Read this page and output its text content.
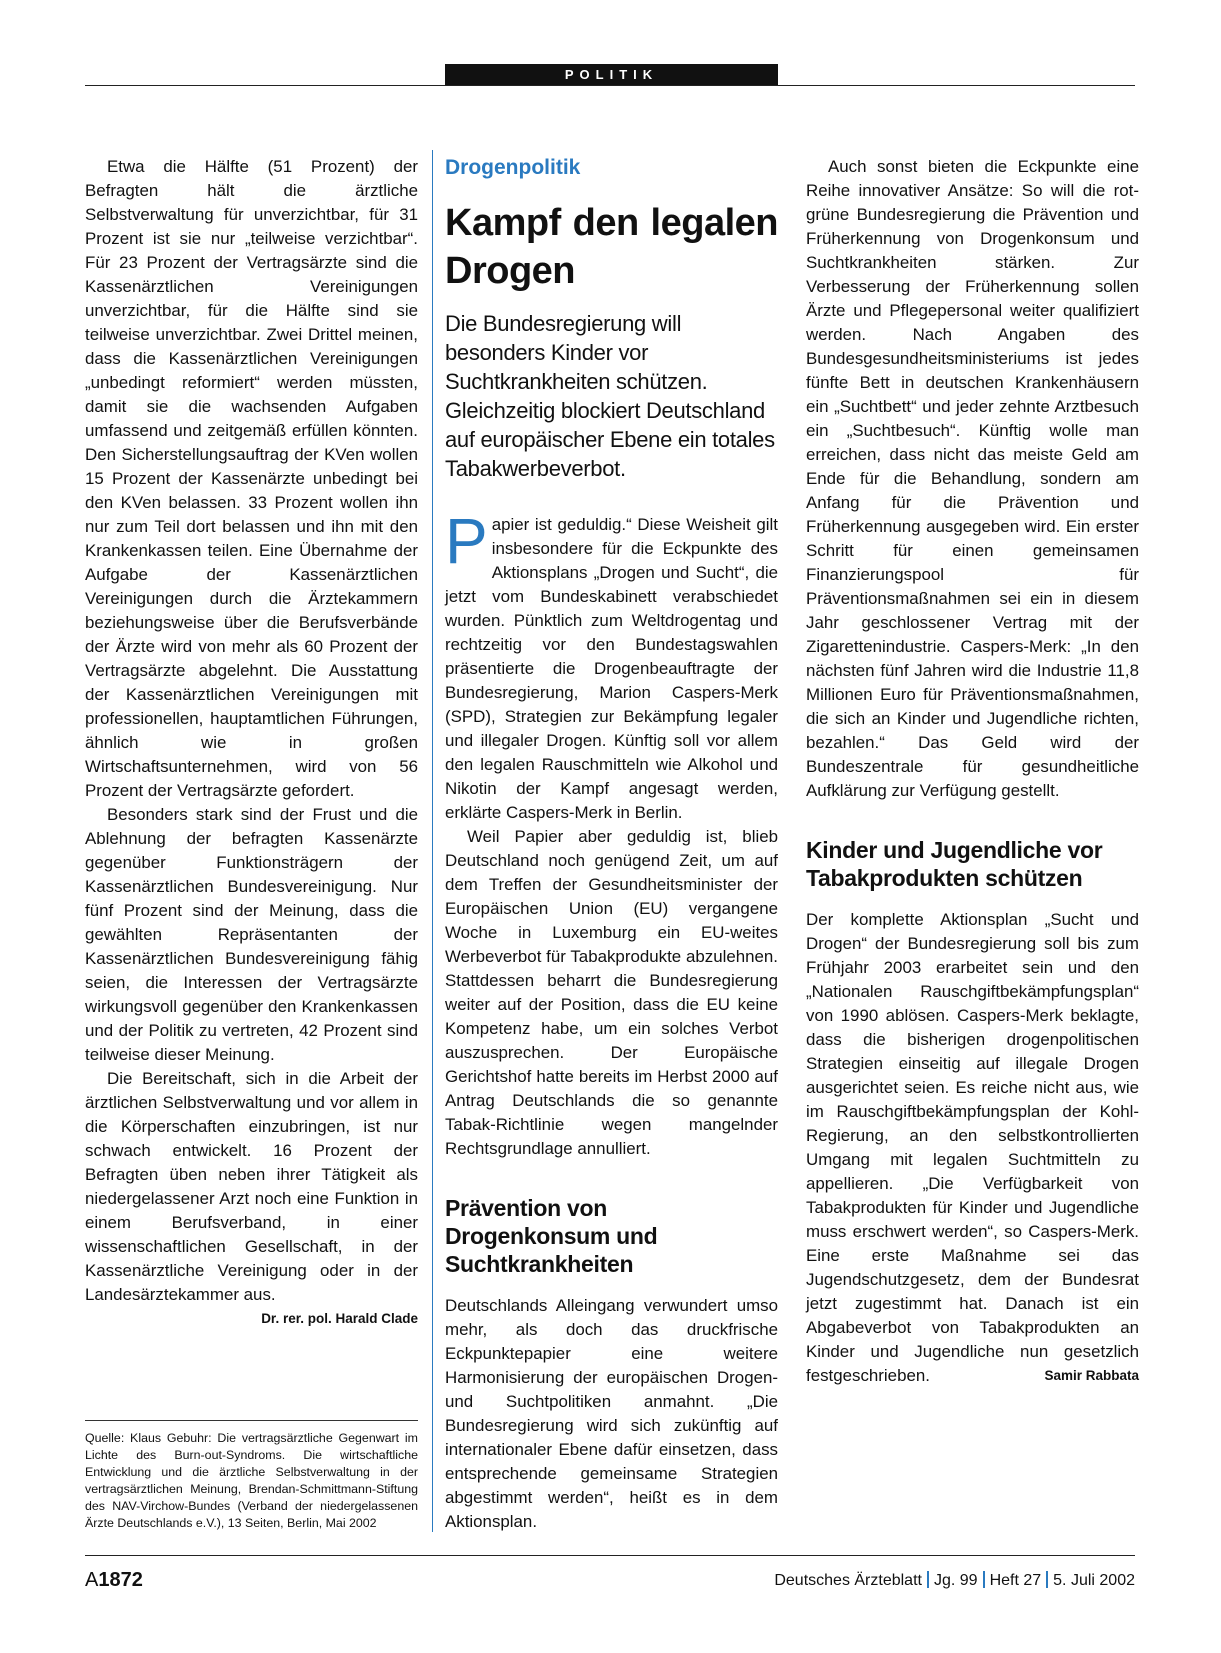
POLITIK

Etwa die Hälfte (51 Prozent) der Befragten hält die ärztliche Selbstverwaltung für unverzichtbar, für 31 Prozent ist sie nur „teilweise verzichtbar“. Für 23 Prozent der Vertragsärzte sind die Kassenärztlichen Vereinigungen unverzichtbar, für die Hälfte sind sie teilweise unverzichtbar. Zwei Drittel meinen, dass die Kassenärztlichen Vereinigungen „unbedingt reformiert“ werden müssten, damit sie die wachsenden Aufgaben umfassend und zeitgemäß erfüllen könnten. Den Sicherstellungsauftrag der KVen wollen 15 Prozent der Kassenärzte unbedingt bei den KVen belassen. 33 Prozent wollen ihn nur zum Teil dort belassen und ihn mit den Krankenkassen teilen. Eine Übernahme der Aufgabe der Kassenärztlichen Vereinigungen durch die Ärztekammern beziehungsweise über die Berufsverbände der Ärzte wird von mehr als 60 Prozent der Vertragsärzte abgelehnt. Die Ausstattung der Kassenärztlichen Vereinigungen mit professionellen, hauptamtlichen Führungen, ähnlich wie in großen Wirtschaftsunternehmen, wird von 56 Prozent der Vertragsärzte gefordert.

Besonders stark sind der Frust und die Ablehnung der befragten Kassenärzte gegenüber Funktionsträgern der Kassenärztlichen Bundesvereinigung. Nur fünf Prozent sind der Meinung, dass die gewählten Repräsentanten der Kassenärztlichen Bundesvereinigung fähig seien, die Interessen der Vertragsärzte wirkungsvoll gegenüber den Krankenkassen und der Politik zu vertreten, 42 Prozent sind teilweise dieser Meinung.

Die Bereitschaft, sich in die Arbeit der ärztlichen Selbstverwaltung und vor allem in die Körperschaften einzubringen, ist nur schwach entwickelt. 16 Prozent der Befragten üben neben ihrer Tätigkeit als niedergelassener Arzt noch eine Funktion in einem Berufsverband, in einer wissenschaftlichen Gesellschaft, in der Kassenärztliche Vereinigung oder in der Landesärztekammer aus.
Dr. rer. pol. Harald Clade

Quelle: Klaus Gebuhr: Die vertragsärztliche Gegenwart im Lichte des Burn-out-Syndroms. Die wirtschaftliche Entwicklung und die ärztliche Selbstverwaltung in der vertragsärztlichen Meinung, Brendan-Schmittmann-Stiftung des NAV-Virchow-Bundes (Verband der niedergelassenen Ärzte Deutschlands e.V.), 13 Seiten, Berlin, Mai 2002
Drogenpolitik
Kampf den legalen Drogen
Die Bundesregierung will besonders Kinder vor Suchtkrankheiten schützen. Gleichzeitig blockiert Deutschland auf europäischer Ebene ein totales Tabakwerbeverbot.

Papier ist geduldig.“ Diese Weisheit gilt insbesondere für die Eckpunkte des Aktionsplans „Drogen und Sucht“, die jetzt vom Bundeskabinett verabschiedet wurden. Pünktlich zum Weltdrogentag und rechtzeitig vor den Bundestagswahlen präsentierte die Drogenbeauftragte der Bundesregierung, Marion Caspers-Merk (SPD), Strategien zur Bekämpfung legaler und illegaler Drogen. Künftig soll vor allem den legalen Rauschmitteln wie Alkohol und Nikotin der Kampf angesagt werden, erklärte Caspers-Merk in Berlin.

Weil Papier aber geduldig ist, blieb Deutschland noch genügend Zeit, um auf dem Treffen der Gesundheitsminister der Europäischen Union (EU) vergangene Woche in Luxemburg ein EU-weites Werbeverbot für Tabakprodukte abzulehnen. Stattdessen beharrt die Bundesregierung weiter auf der Position, dass die EU keine Kompetenz habe, um ein solches Verbot auszusprechen. Der Europäische Gerichtshof hatte bereits im Herbst 2000 auf Antrag Deutschlands die so genannte Tabak-Richtlinie wegen mangelnder Rechtsgrundlage annulliert.

Prävention von Drogenkonsum und Suchtkrankheiten

Deutschlands Alleingang verwundert umso mehr, als doch das druckfrische Eckpunktepapier eine weitere Harmonisierung der europäischen Drogen- und Suchtpolitiken anmahnt. „Die Bundesregierung wird sich zukünftig auf internationaler Ebene dafür einsetzen, dass entsprechende gemeinsame Strategien abgestimmt werden“, heißt es in dem Aktionsplan.

Auch sonst bieten die Eckpunkte eine Reihe innovativer Ansätze: So will die rot-grüne Bundesregierung die Prävention und Früherkennung von Drogenkonsum und Suchtkrankheiten stärken. Zur Verbesserung der Früherkennung sollen Ärzte und Pflegepersonal weiter qualifiziert werden. Nach Angaben des Bundesgesundheitsministeriums ist jedes fünfte Bett in deutschen Krankenhäusern ein „Suchtbett“ und jeder zehnte Arztbesuch ein „Suchtbesuch“. Künftig wolle man erreichen, dass nicht das meiste Geld am Ende für die Behandlung, sondern am Anfang für die Prävention und Früherkennung ausgegeben wird. Ein erster Schritt für einen gemeinsamen Finanzierungspool für Präventionsmaßnahmen sei ein in diesem Jahr geschlossener Vertrag mit der Zigarettenindustrie. Caspers-Merk: „In den nächsten fünf Jahren wird die Industrie 11,8 Millionen Euro für Präventionsmaßnahmen, die sich an Kinder und Jugendliche richten, bezahlen.“ Das Geld wird der Bundeszentrale für gesundheitliche Aufklärung zur Verfügung gestellt.

Kinder und Jugendliche vor Tabakprodukten schützen

Der komplette Aktionsplan „Sucht und Drogen“ der Bundesregierung soll bis zum Frühjahr 2003 erarbeitet sein und den „Nationalen Rauschgiftbekämpfungsplan“ von 1990 ablösen. Caspers-Merk beklagte, dass die bisherigen drogenpolitischen Strategien einseitig auf illegale Drogen ausgerichtet seien. Es reiche nicht aus, wie im Rauschgiftbekämpfungsplan der Kohl-Regierung, an den selbstkontrollierten Umgang mit legalen Suchtmitteln zu appellieren. „Die Verfügbarkeit von Tabakprodukten für Kinder und Jugendliche muss erschwert werden“, so Caspers-Merk. Eine erste Maßnahme sei das Jugendschutzgesetz, dem der Bundesrat jetzt zugestimmt hat. Danach ist ein Abgabeverbot von Tabakprodukten an Kinder und Jugendliche nun gesetzlich festgeschrieben.	Samir Rabbata

A1872	Deutsches Ärzteblatt Jg. 99 Heft 27 5. Juli 2002
